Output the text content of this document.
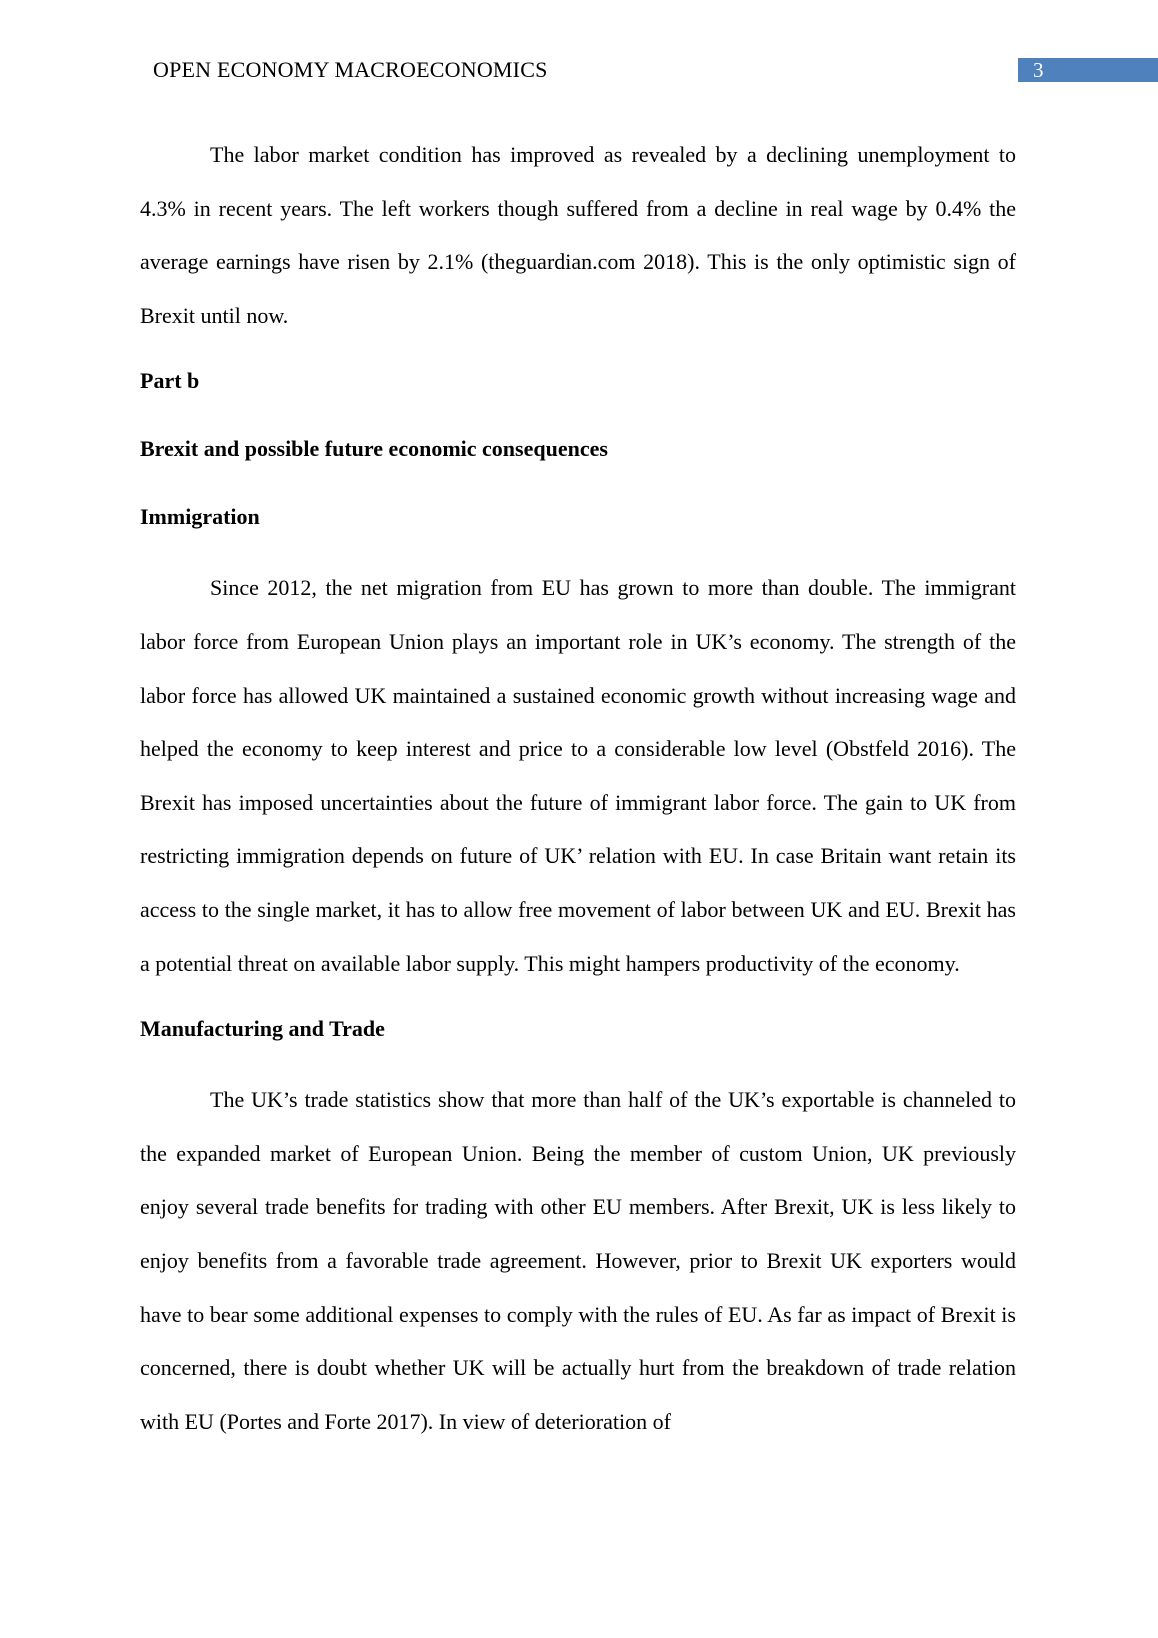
OPEN ECONOMY MACROECONOMICS	3

The labor market condition has improved as revealed by a declining unemployment to 4.3% in recent years. The left workers though suffered from a decline in real wage by 0.4% the average earnings have risen by 2.1% (theguardian.com 2018). This is the only optimistic sign of Brexit until now.

Part b

Brexit and possible future economic consequences

Immigration

Since 2012, the net migration from EU has grown to more than double. The immigrant labor force from European Union plays an important role in UK’s economy. The strength of the labor force has allowed UK maintained a sustained economic growth without increasing wage and helped the economy to keep interest and price to a considerable low level (Obstfeld 2016). The Brexit has imposed uncertainties about the future of immigrant labor force. The gain to UK from restricting immigration depends on future of UK’ relation with EU. In case Britain want retain its access to the single market, it has to allow free movement of labor between UK and EU. Brexit has a potential threat on available labor supply. This might hampers productivity of the economy.

Manufacturing and Trade

The UK’s trade statistics show that more than half of the UK’s exportable is channeled to the expanded market of European Union. Being the member of custom Union, UK previously enjoy several trade benefits for trading with other EU members. After Brexit, UK is less likely to enjoy benefits from a favorable trade agreement. However, prior to Brexit UK exporters would have to bear some additional expenses to comply with the rules of EU. As far as impact of Brexit is concerned, there is doubt whether UK will be actually hurt from the breakdown of trade relation with EU (Portes and Forte 2017). In view of deterioration of
